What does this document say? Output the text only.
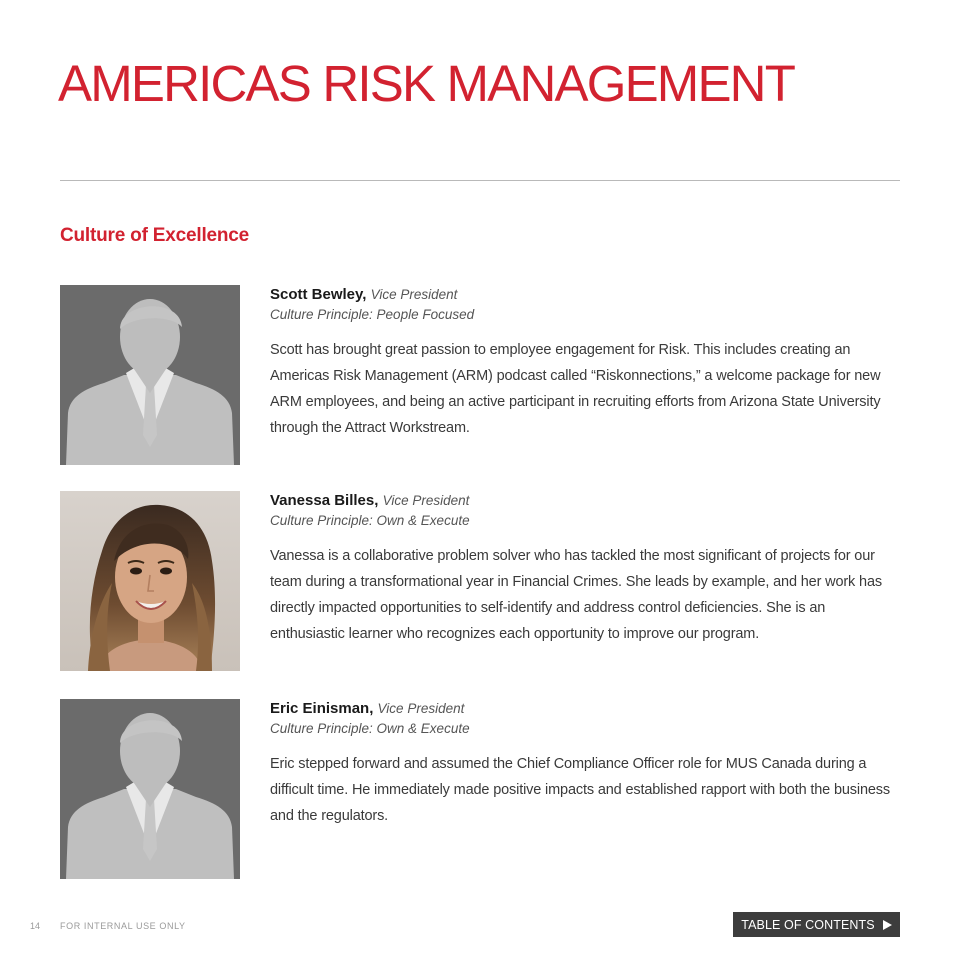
AMERICAS RISK MANAGEMENT
Culture of Excellence

Scott Bewley, Vice President

Culture Principle: People Focused

Scott has brought great passion to employee engagement for Risk. This includes creating an Americas Risk Management (ARM) podcast called “Riskonnections,” a welcome package for new ARM employees, and being an active participant in recruiting efforts from Arizona State University through the Attract Workstream.

Vanessa Billes, Vice President

Culture Principle: Own & Execute

Vanessa is a collaborative problem solver who has tackled the most significant of projects for our team during a transformational year in Financial Crimes. She leads by example, and her work has directly impacted opportunities to self-identify and address control deficiencies. She is an enthusiastic learner who recognizes each opportunity to improve our program.

Eric Einisman, Vice President

Culture Principle: Own & Execute

Eric stepped forward and assumed the Chief Compliance Officer role for MUS Canada during a difficult time. He immediately made positive impacts and established rapport with both the business and the regulators.

14 FOR INTERNAL USE ONLY	TABLE OF CONTENTS
